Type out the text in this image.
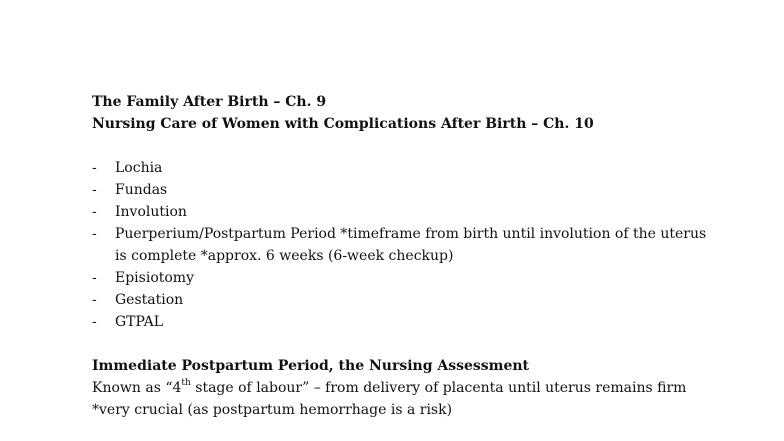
The Family After Birth – Ch. 9
Nursing Care of Women with Complications After Birth – Ch. 10
- Lochia
- Fundas
- Involution
- Puerperium/Postpartum Period *timeframe from birth until involution of the uterus is complete *approx. 6 weeks (6-week checkup)
- Episiotomy
- Gestation
- GTPAL
Immediate Postpartum Period, the Nursing Assessment

Known as “4th stage of labour” – from delivery of placenta until uterus remains firm *very crucial (as postpartum hemorrhage is a risk)
